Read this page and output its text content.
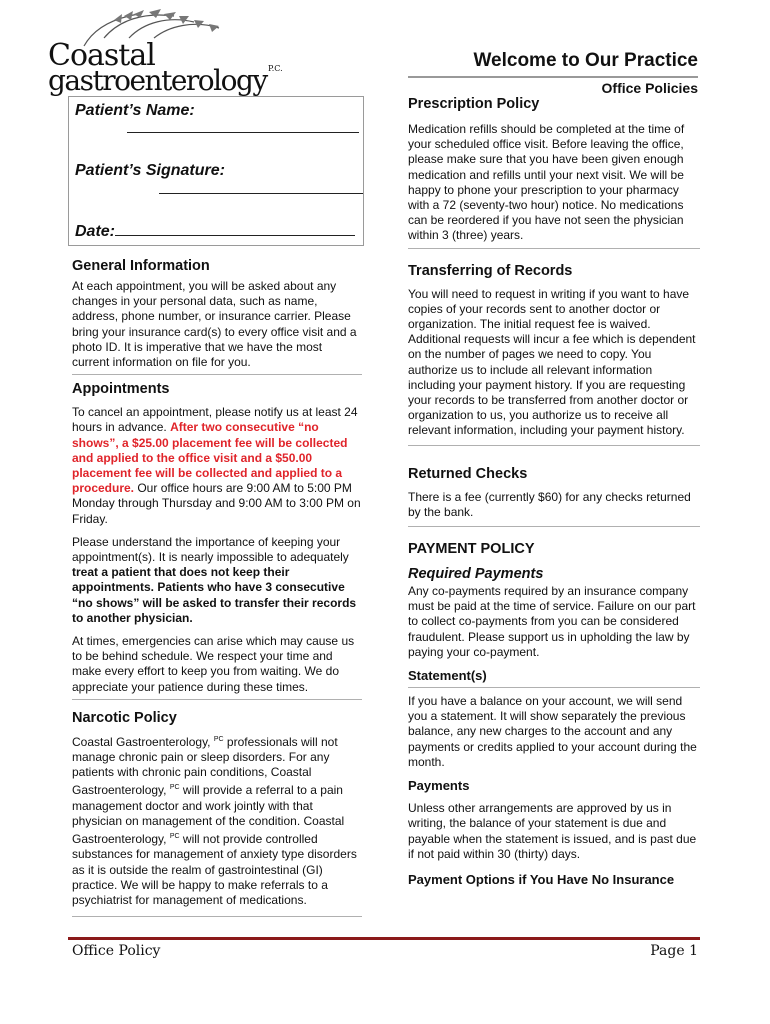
Coastal
gastroenterology P.C.	Welcome to Our Practice
Office Policies
Patient’s Name:

Patient’s Signature:

Date:
General Information

At each appointment, you will be asked about any changes in your personal data, such as name, address, phone number, or insurance carrier. Please bring your insurance card(s) to every office visit and a photo ID. It is imperative that we have the most current information on file for you.

Appointments

To cancel an appointment, please notify us at least 24 hours in advance. After two consecutive “no shows”, a $25.00 placement fee will be collected and applied to the office visit and a $50.00 placement fee will be collected and applied to a procedure. Our office hours are 9:00 AM to 5:00 PM Monday through Thursday and 9:00 AM to 3:00 PM on Friday.

Please understand the importance of keeping your appointment(s). It is nearly impossible to adequately treat a patient that does not keep their appointments. Patients who have 3 consecutive “no shows” will be asked to transfer their records to another physician.

At times, emergencies can arise which may cause us to be behind schedule. We respect your time and make every effort to keep you from waiting. We do appreciate your patience during these times.

Narcotic Policy

Coastal Gastroenterology, $^{PC}$ professionals will not manage chronic pain or sleep disorders. For any patients with chronic pain conditions, Coastal Gastroenterology, $^{PC}$ will provide a referral to a pain management doctor and work jointly with that physician on management of the condition. Coastal Gastroenterology, $^{PC}$ will not provide controlled substances for management of anxiety type disorders as it is outside the realm of gastrointestinal (GI) practice. We will be happy to make referrals to a psychiatrist for management of medications.

Prescription Policy

Medication refills should be completed at the time of your scheduled office visit. Before leaving the office, please make sure that you have been given enough medication and refills until your next visit. We will be happy to phone your prescription to your pharmacy with a 72 (seventy-two hour) notice. No medications can be reordered if you have not seen the physician within 3 (three) years.

Transferring of Records

You will need to request in writing if you want to have copies of your records sent to another doctor or organization. The initial request fee is waived. Additional requests will incur a fee which is dependent on the number of pages we need to copy. You authorize us to include all relevant information including your payment history. If you are requesting your records to be transferred from another doctor or organization to us, you authorize us to receive all relevant information, including your payment history.

Returned Checks

There is a fee (currently $60) for any checks returned by the bank.

PAYMENT POLICY
Required Payments

Any co-payments required by an insurance company must be paid at the time of service. Failure on our part to collect co-payments from you can be considered fraudulent. Please support us in upholding the law by paying your co-payment.

Statement(s)

If you have a balance on your account, we will send you a statement. It will show separately the previous balance, any new charges to the account and any payments or credits applied to your account during the month.

Payments

Unless other arrangements are approved by us in writing, the balance of your statement is due and payable when the statement is issued, and is past due if not paid within 30 (thirty) days.

Payment Options if You Have No Insurance
Office Policy	Page 1
